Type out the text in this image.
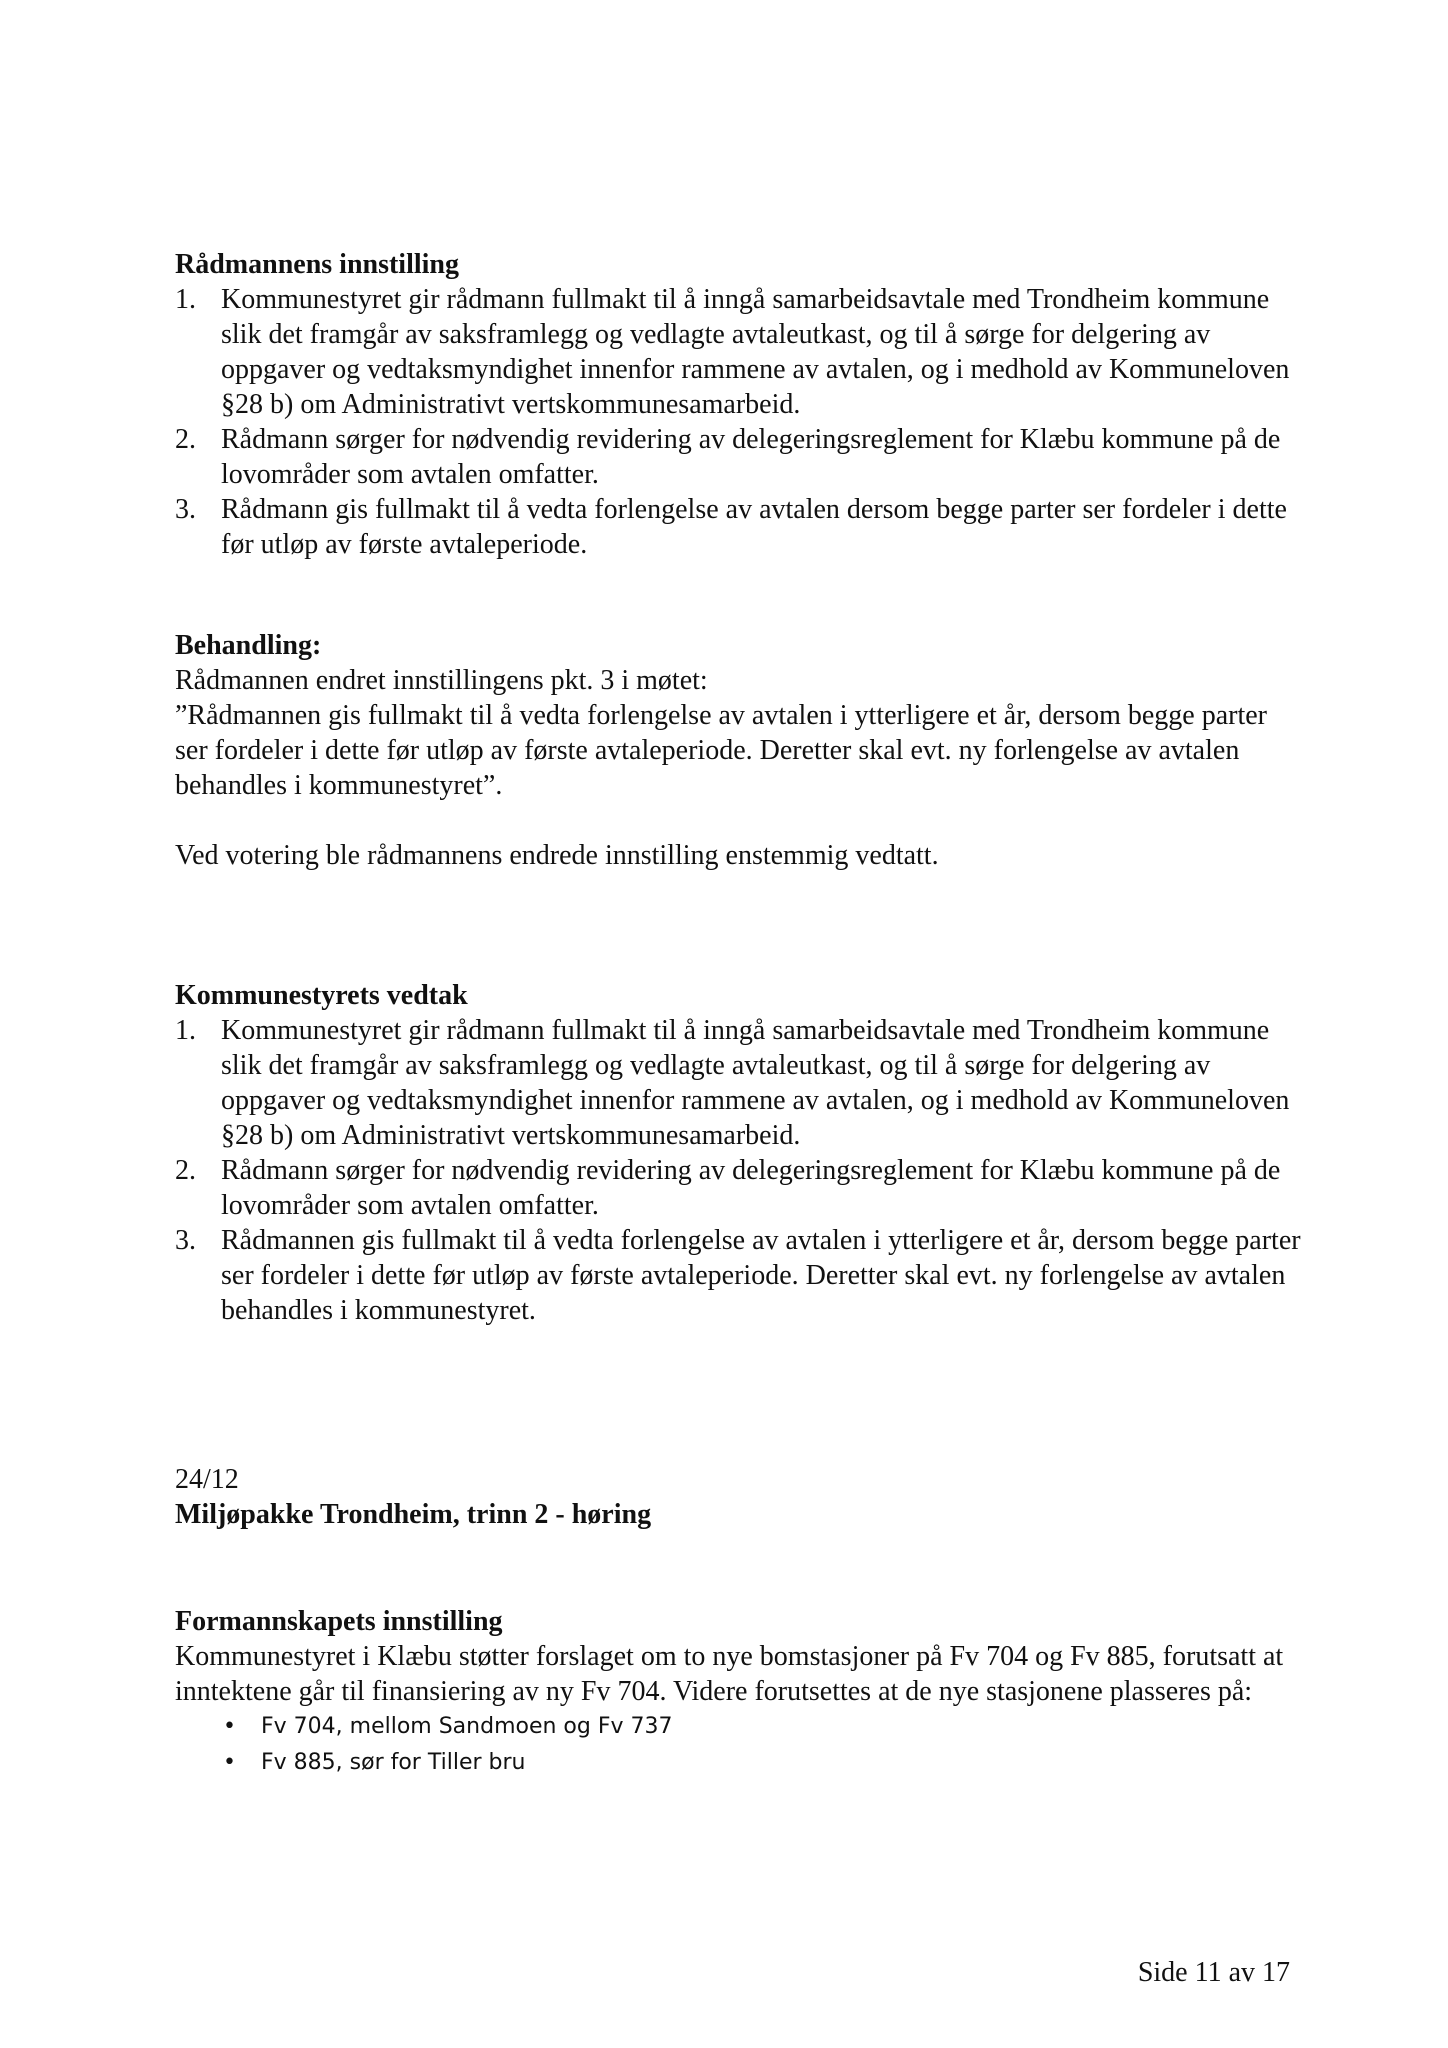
Rådmannens innstilling
1. Kommunestyret gir rådmann fullmakt til å inngå samarbeidsavtale med Trondheim kommune slik det framgår av saksframlegg og vedlagte avtaleutkast, og til å sørge for delgering av oppgaver og vedtaksmyndighet innenfor rammene av avtalen, og i medhold av Kommuneloven §28 b) om Administrativt vertskommunesamarbeid.
2. Rådmann sørger for nødvendig revidering av delegeringsreglement for Klæbu kommune på de lovområder som avtalen omfatter.
3. Rådmann gis fullmakt til å vedta forlengelse av avtalen dersom begge parter ser fordeler i dette før utløp av første avtaleperiode.
Behandling:

Rådmannen endret innstillingens pkt. 3 i møtet:

”Rådmannen gis fullmakt til å vedta forlengelse av avtalen i ytterligere et år, dersom begge parter ser fordeler i dette før utløp av første avtaleperiode. Deretter skal evt. ny forlengelse av avtalen behandles i kommunestyret”.

Ved votering ble rådmannens endrede innstilling enstemmig vedtatt.

Kommunestyrets vedtak
1. Kommunestyret gir rådmann fullmakt til å inngå samarbeidsavtale med Trondheim kommune slik det framgår av saksframlegg og vedlagte avtaleutkast, og til å sørge for delgering av oppgaver og vedtaksmyndighet innenfor rammene av avtalen, og i medhold av Kommuneloven §28 b) om Administrativt vertskommunesamarbeid.
2. Rådmann sørger for nødvendig revidering av delegeringsreglement for Klæbu kommune på de lovområder som avtalen omfatter.
3. Rådmannen gis fullmakt til å vedta forlengelse av avtalen i ytterligere et år, dersom begge parter ser fordeler i dette før utløp av første avtaleperiode. Deretter skal evt. ny forlengelse av avtalen behandles i kommunestyret.
24/12
Miljøpakke Trondheim, trinn 2 - høring
Formannskapets innstilling

Kommunestyret i Klæbu støtter forslaget om to nye bomstasjoner på Fv 704 og Fv 885, forutsatt at inntektene går til finansiering av ny Fv 704. Videre forutsettes at de nye stasjonene plasseres på:

• Fv 704, mellom Sandmoen og Fv 737
• Fv 885, sør for Tiller bru
Side 11 av 17
